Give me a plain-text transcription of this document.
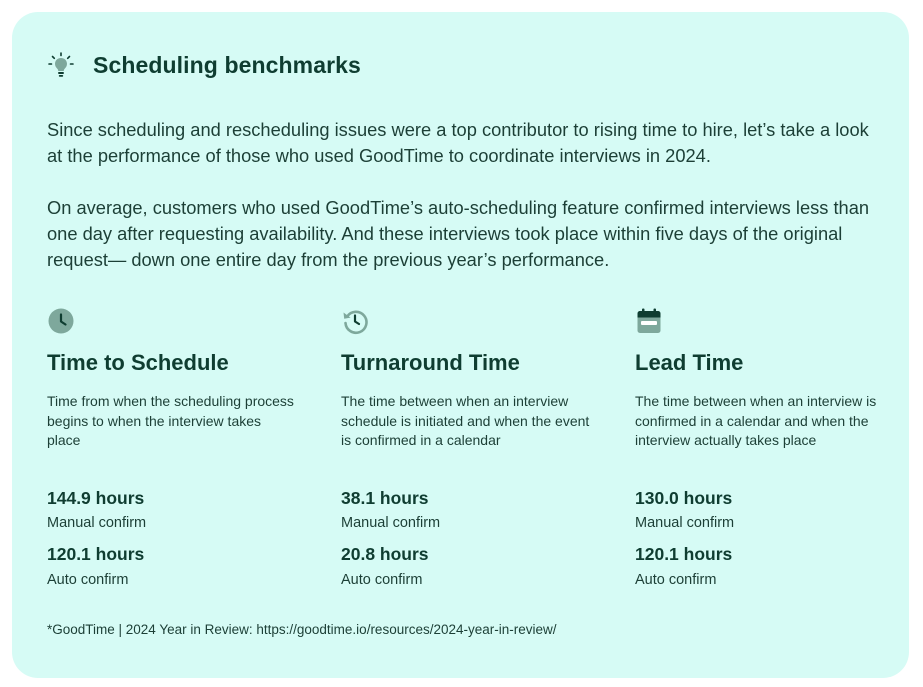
Scheduling benchmarks

Since scheduling and rescheduling issues were a top contributor to rising time to hire, let’s take a look at the performance of those who used GoodTime to coordinate interviews in 2024.

On average, customers who used GoodTime’s auto-scheduling feature confirmed interviews less than one day after requesting availability. And these interviews took place within five days of the original request— down one entire day from the previous year’s performance.

Time to Schedule
Time from when the scheduling process begins to when the interview takes place
144.9 hours
Manual confirm
120.1 hours
Auto confirm
Turnaround Time
The time between when an interview schedule is initiated and when the event is confirmed in a calendar
38.1 hours
Manual confirm
20.8 hours
Auto confirm
Lead Time
The time between when an interview is confirmed in a calendar and when the interview actually takes place
130.0 hours
Manual confirm
120.1 hours
Auto confirm
*GoodTime | 2024 Year in Review: https://goodtime.io/resources/2024-year-in-review/
